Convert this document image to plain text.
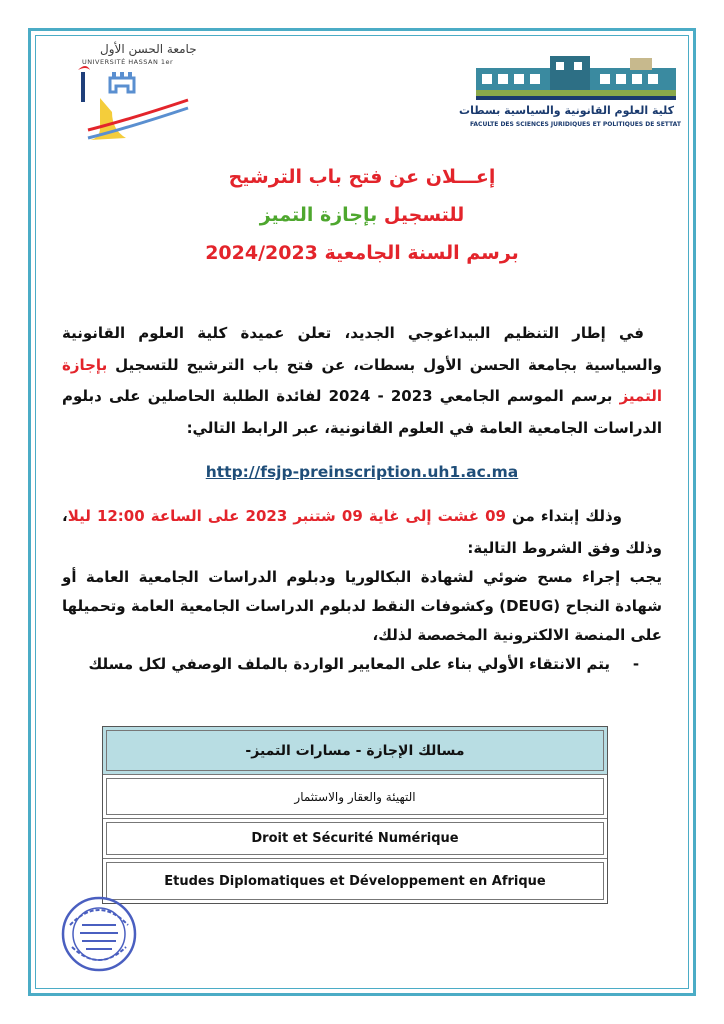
جامعة الحسن الأول
UNIVERSITÉ HASSAN 1er
كلية العلوم القانونية والسياسية بسطات
FACULTE DES SCIENCES JURIDIQUES ET POLITIQUES DE SETTAT
إعـــلان عن فتح باب الترشيح
للتسجيل بإجازة التميز
برسم السنة الجامعية 2024/2023
في إطار التنظيم البيداغوجي الجديد، تعلن عميدة كلية العلوم القانونية والسياسية بجامعة الحسن الأول بسطات، عن فتح باب الترشيح للتسجيل بإجازة التميز برسم الموسم الجامعي 2023 - 2024 لفائدة الطلبة الحاصلين على دبلوم الدراسات الجامعية العامة في العلوم القانونية، عبر الرابط التالي:
http://fsjp-preinscription.uh1.ac.ma
وذلك إبتداء من 09 غشت إلى غاية 09 شتنبر 2023 على الساعة 12:00 ليلا، وذلك وفق الشروط التالية:
يجب إجراء مسح ضوئي لشهادة البكالوريا ودبلوم الدراسات الجامعية العامة أو شهادة النجاح (DEUG) وكشوفات النقط لدبلوم الدراسات الجامعية العامة وتحميلها على المنصة الالكترونية المخصصة لذلك،
-يتم الانتقاء الأولي بناء على المعايير الواردة بالملف الوصفي لكل مسلك
مسالك الإجازة - مسارات التميز-
التهيئة والعقار والاستثمار
Droit et Sécurité Numérique
Etudes Diplomatiques et Développement en Afrique
